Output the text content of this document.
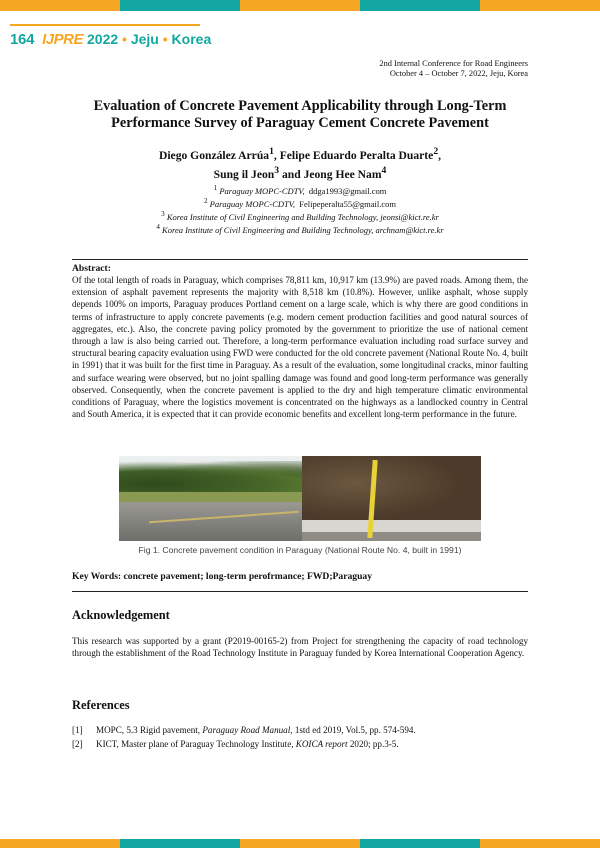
164 IJPRE 2022 • Jeju • Korea
2nd Internal Conference for Road Engineers
October 4 – October 7, 2022, Jeju, Korea
Evaluation of Concrete Pavement Applicability through Long-Term
Performance Survey of Paraguay Cement Concrete Pavement
Diego González Arrúa$^1$, Felipe Eduardo Peralta Duarte$^2$,
Sung il Jeon$^3$ and Jeong Hee Nam$^4$
$^1$ Paraguay MOPC-CDTV, ddga1993@gmail.com
$^2$ Paraguay MOPC-CDTV, Felipeperalta55@gmail.com
$^3$ Korea Institute of Civil Engineering and Building Technology, jeonsi@kict.re.kr
$^4$ Korea Institute of Civil Engineering and Building Technology, archnam@kict.re.kr
Abstract:
Of the total length of roads in Paraguay, which comprises 78,811 km, 10,917 km (13.9%) are paved roads. Among them, the extension of asphalt pavement represents the majority with 8,518 km (10.8%). However, unlike asphalt, whose supply depends 100% on imports, Paraguay produces Portland cement on a large scale, which is why there are good conditions in terms of infrastructure to apply concrete pavements (e.g. modern cement production facilities and good natural sources of aggregates, etc.). Also, the concrete paving policy promoted by the government to prioritize the use of national cement through a law is also being carried out. Therefore, a long-term performance evaluation including road surface survey and structural bearing capacity evaluation using FWD were conducted for the old concrete pavement (National Route No. 4, built in 1991) that it was built for the first time in Paraguay. As a result of the evaluation, some longitudinal cracks, minor faulting and surface wearing were observed, but no joint spalling damage was found and good long-term performance was generally observed. Consequently, when the concrete pavement is applied to the dry and high temperature climatic environmental conditions of Paraguay, where the logistics movement is concentrated on the highways as a landlocked country in Central and South America, it is expected that it can provide economic benefits and excellent long-term performance in the future.
Fig 1. Concrete pavement condition in Paraguay (National Route No. 4, built in 1991)
Key Words: concrete pavement; long-term perofrmance; FWD;Paraguay
Acknowledgement
This research was supported by a grant (P2019-00165-2) from Project for strengthening the capacity of road technology through the establishment of the Road Technology Institute in Paraguay funded by Korea International Cooperation Agency.
References
[1]	MOPC, 5.3 Rigid pavement, Paraguay Road Manual, 1std ed 2019, Vol.5, pp. 574-594.
[2]	KICT, Master plane of Paraguay Technology Institute, KOICA report 2020; pp.3-5.
